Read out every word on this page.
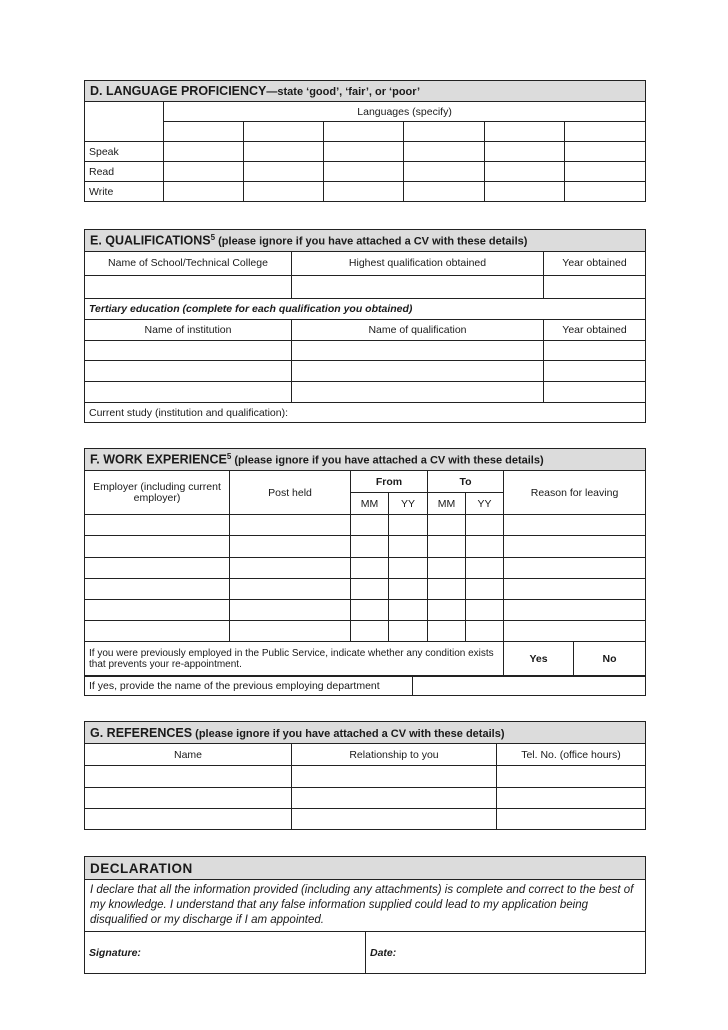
D. LANGUAGE PROFICIENCY—state ‘good’, ‘fair’, or ‘poor’						
	Languages (specify)					

Speak						
Read						
Write						
E. QUALIFICATIONS$^5$ (please ignore if you have attached a CV with these details)		
Name of School/Technical College	Highest qualification obtained	Year obtained

Tertiary education (complete for each qualification you obtained)		
Name of institution	Name of qualification	Year obtained

Current study (institution and qualification):		
F. WORK EXPERIENCE$^5$ (please ignore if you have attached a CV with these details)							
Employer (including current employer)	Post held	From		To		Reason for leaving	
		MM	YY	MM	YY		

If you were previously employed in the Public Service, indicate whether any condition exists that prevents your re-appointment.						Yes	No
If yes, provide the name of the previous employing department	
G. REFERENCES (please ignore if you have attached a CV with these details)		
Name	Relationship to you	Tel. No. (office hours)

DECLARATION
I declare that all the information provided (including any attachments) is complete and correct to the best of my knowledge. I understand that any false information supplied could lead to my application being disqualified or my discharge if I am appointed.
Signature:	Date:
